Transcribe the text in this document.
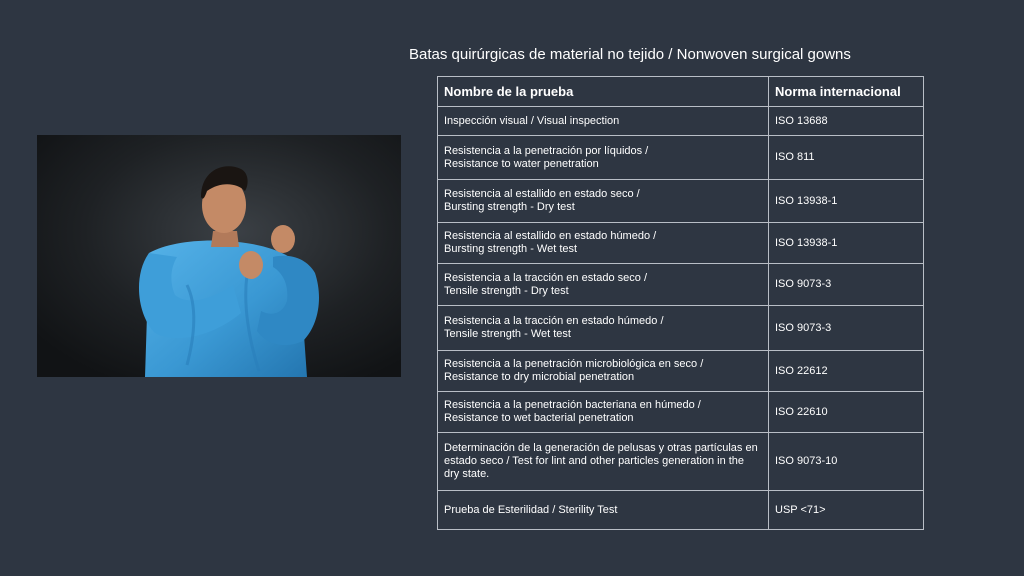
Batas quirúrgicas de material no tejido / Nonwoven surgical gowns
Nombre de la prueba	Norma internacional
Inspección visual / Visual inspection	ISO 13688
Resistencia a la penetración por líquidos /
Resistance to water penetration	ISO 811
Resistencia al estallido en estado seco /
Bursting strength - Dry test	ISO 13938-1
Resistencia al estallido en estado húmedo /
Bursting strength - Wet test	ISO 13938-1
Resistencia a la tracción en estado seco /
Tensile strength - Dry test	ISO 9073-3
Resistencia a la tracción en estado húmedo /
Tensile strength - Wet test	ISO 9073-3
Resistencia a la penetración microbiológica en seco /
Resistance to dry microbial penetration	ISO 22612
Resistencia a la penetración bacteriana en húmedo /
Resistance to wet bacterial penetration	ISO 22610
Determinación de la generación de pelusas y otras partículas en estado seco / Test for lint and other particles generation in the dry state.	ISO 9073-10
Prueba de Esterilidad / Sterility Test	USP <71>
